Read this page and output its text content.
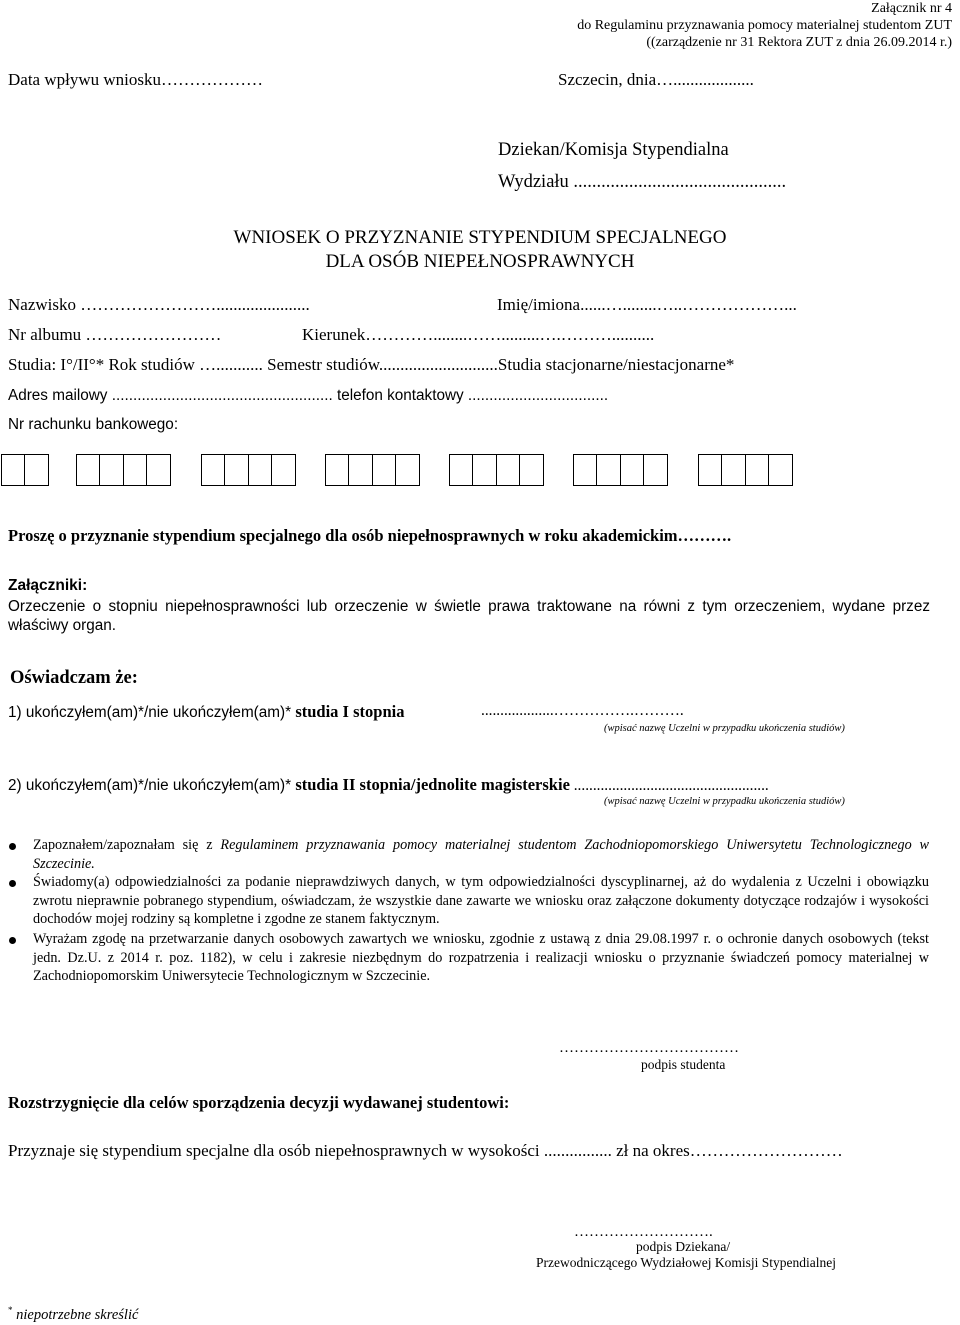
Załącznik nr 4
do Regulaminu przyznawania pomocy materialnej studentom ZUT
((zarządzenie nr 31 Rektora ZUT z dnia 26.09.2014 r.)
Data wpływu wniosku………………	Szczecin, dnia…...................
Dziekan/Komisja Stypendialna
Wydziału ..............................................
WNIOSEK O PRZYZNANIE STYPENDIUM SPECJALNEGO
DLA OSÓB NIEPEŁNOSPRAWNYCH
Nazwisko ……………………......................	Imię/imiona......…........…..………………...
Nr albumu ……………………	Kierunek…………........…….........….………..........
Studia: I°/II°* Rok studiów …........... Semestr studiów............................Studia stacjonarne/niestacjonarne*
Adres mailowy .................................................... telefon kontaktowy .................................
Nr rachunku bankowego:
Proszę o przyznanie stypendium specjalnego dla osób niepełnosprawnych w roku akademickim……….
Załączniki:
Orzeczenie o stopniu niepełnosprawności lub orzeczenie w świetle prawa traktowane na równi z tym orzeczeniem, wydane przez właściwy organ.
Oświadczam że:
1) ukończyłem(am)*/nie ukończyłem(am)* studia I stopnia	...................…………….……….
(wpisać nazwę Uczelni w przypadku ukończenia studiów)
2) ukończyłem(am)*/nie ukończyłem(am)* studia II stopnia/jednolite magisterskie ...................................................
(wpisać nazwę Uczelni w przypadku ukończenia studiów)
Zapoznałem/zapoznałam się z Regulaminem przyznawania pomocy materialnej studentom Zachodniopomorskiego Uniwersytetu Technologicznego w Szczecinie.
Świadomy(a) odpowiedzialności za podanie nieprawdziwych danych, w tym odpowiedzialności dyscyplinarnej, aż do wydalenia z Uczelni i obowiązku zwrotu nieprawnie pobranego stypendium, oświadczam, że wszystkie dane zawarte we wniosku oraz załączone dokumenty dotyczące rodzajów i wysokości dochodów mojej rodziny są kompletne i zgodne ze stanem faktycznym.
Wyrażam zgodę na przetwarzanie danych osobowych zawartych we wniosku, zgodnie z ustawą z dnia 29.08.1997 r. o ochronie danych osobowych (tekst jedn. Dz.U. z 2014 r. poz. 1182), w celu i zakresie niezbędnym do rozpatrzenia i realizacji wniosku o przyznanie świadczeń pomocy materialnej w Zachodniopomorskim Uniwersytecie Technologicznym w Szczecinie.
………………………………
podpis studenta
Rozstrzygnięcie dla celów sporządzenia decyzji wydawanej studentowi:
Przyznaje się stypendium specjalne dla osób niepełnosprawnych w wysokości ................ zł na okres………………………
……………………….
podpis Dziekana/
Przewodniczącego Wydziałowej Komisji Stypendialnej
* niepotrzebne skreślić
